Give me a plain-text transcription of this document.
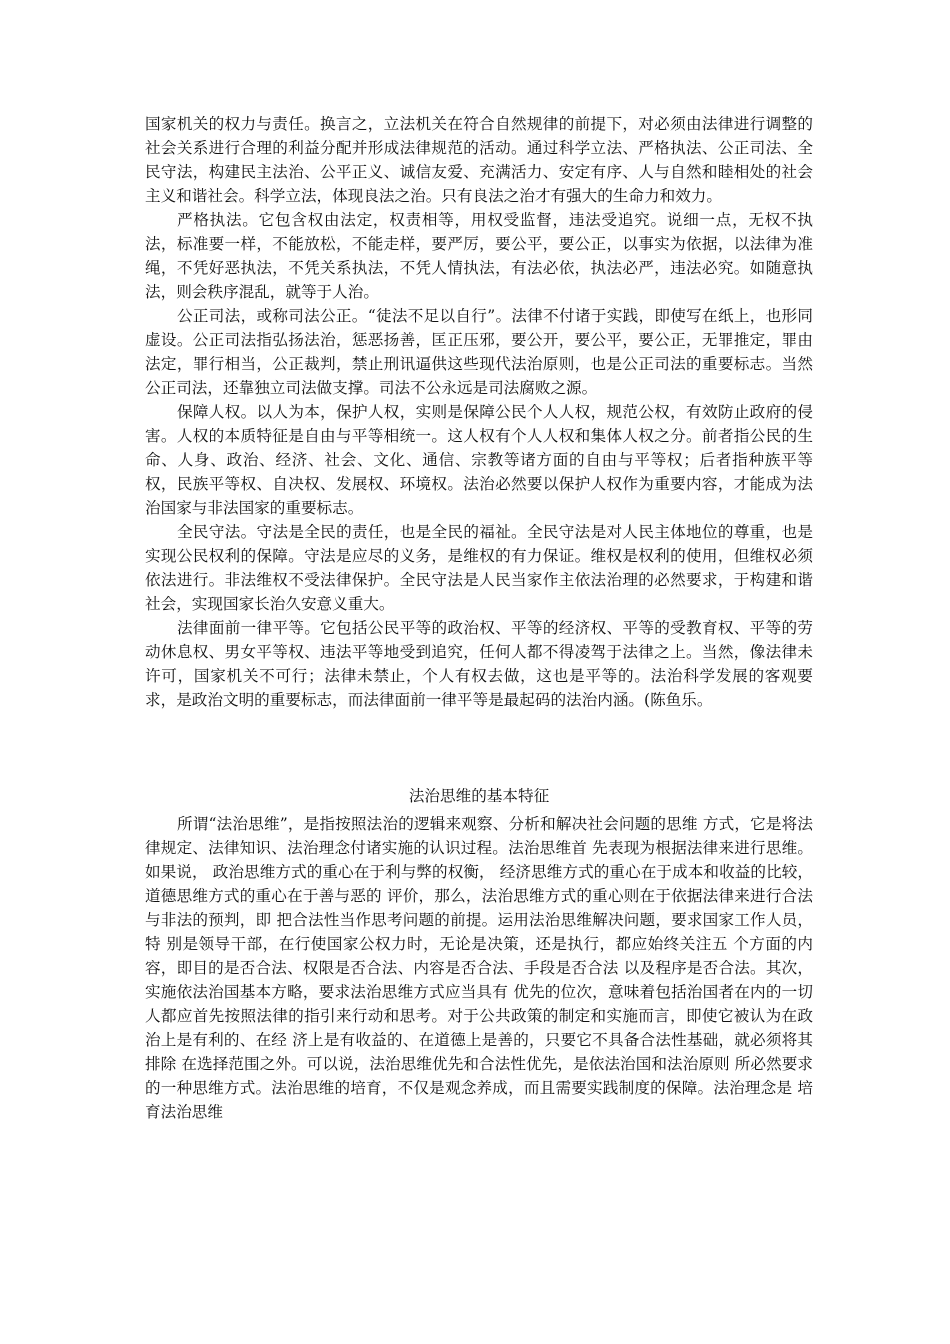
国家机关的权力与责任。换言之，立法机关在符合自然规律的前提下，对必须由法律进行调整的社会关系进行合理的利益分配并形成法律规范的活动。通过科学立法、严格执法、公正司法、全民守法，构建民主法治、公平正义、诚信友爱、充满活力、安定有序、人与自然和睦相处的社会主义和谐社会。科学立法，体现良法之治。只有良法之治才有强大的生命力和效力。

严格执法。它包含权由法定，权责相等，用权受监督，违法受追究。说细一点，无权不执法，标准要一样，不能放松，不能走样，要严厉，要公平，要公正，以事实为依据，以法律为准绳，不凭好恶执法，不凭关系执法，不凭人情执法，有法必依，执法必严，违法必究。如随意执法，则会秩序混乱，就等于人治。

公正司法，或称司法公正。“徒法不足以自行”。法律不付诸于实践，即使写在纸上，也形同虚设。公正司法指弘扬法治，惩恶扬善，匡正压邪，要公开，要公平，要公正，无罪推定，罪由法定，罪行相当，公正裁判，禁止刑讯逼供这些现代法治原则，也是公正司法的重要标志。当然公正司法，还靠独立司法做支撑。司法不公永远是司法腐败之源。

保障人权。以人为本，保护人权，实则是保障公民个人人权，规范公权，有效防止政府的侵害。人权的本质特征是自由与平等相统一。这人权有个人人权和集体人权之分。前者指公民的生命、人身、政治、经济、社会、文化、通信、宗教等诸方面的自由与平等权；后者指种族平等权，民族平等权、自决权、发展权、环境权。法治必然要以保护人权作为重要内容，才能成为法治国家与非法国家的重要标志。

全民守法。守法是全民的责任，也是全民的福祉。全民守法是对人民主体地位的尊重，也是实现公民权利的保障。守法是应尽的义务，是维权的有力保证。维权是权利的使用，但维权必须依法进行。非法维权不受法律保护。全民守法是人民当家作主依法治理的必然要求，于构建和谐社会，实现国家长治久安意义重大。

法律面前一律平等。它包括公民平等的政治权、平等的经济权、平等的受教育权、平等的劳动休息权、男女平等权、违法平等地受到追究，任何人都不得凌驾于法律之上。当然，像法律未许可，国家机关不可行；法律未禁止，个人有权去做，这也是平等的。法治科学发展的客观要求，是政治文明的重要标志，而法律面前一律平等是最起码的法治内涵。(陈鱼乐。

法治思维的基本特征

所谓“法治思维”，是指按照法治的逻辑来观察、分析和解决社会问题的思维 方式，它是将法律规定、法律知识、法治理念付诸实施的认识过程。法治思维首 先表现为根据法律来进行思维。 如果说， 政治思维方式的重心在于利与弊的权衡， 经济思维方式的重心在于成本和收益的比较， 道德思维方式的重心在于善与恶的 评价，那么，法治思维方式的重心则在于依据法律来进行合法与非法的预判，即 把合法性当作思考问题的前提。运用法治思维解决问题，要求国家工作人员，特 别是领导干部，在行使国家公权力时，无论是决策，还是执行，都应始终关注五 个方面的内容，即目的是否合法、权限是否合法、内容是否合法、手段是否合法 以及程序是否合法。其次，实施依法治国基本方略，要求法治思维方式应当具有 优先的位次，意味着包括治国者在内的一切人都应首先按照法律的指引来行动和思考。对于公共政策的制定和实施而言，即使它被认为在政治上是有利的、在经 济上是有收益的、在道德上是善的，只要它不具备合法性基础，就必须将其排除 在选择范围之外。可以说，法治思维优先和合法性优先，是依法治国和法治原则 所必然要求的一种思维方式。法治思维的培育，不仅是观念养成，而且需要实践制度的保障。法治理念是 培育法治思维
